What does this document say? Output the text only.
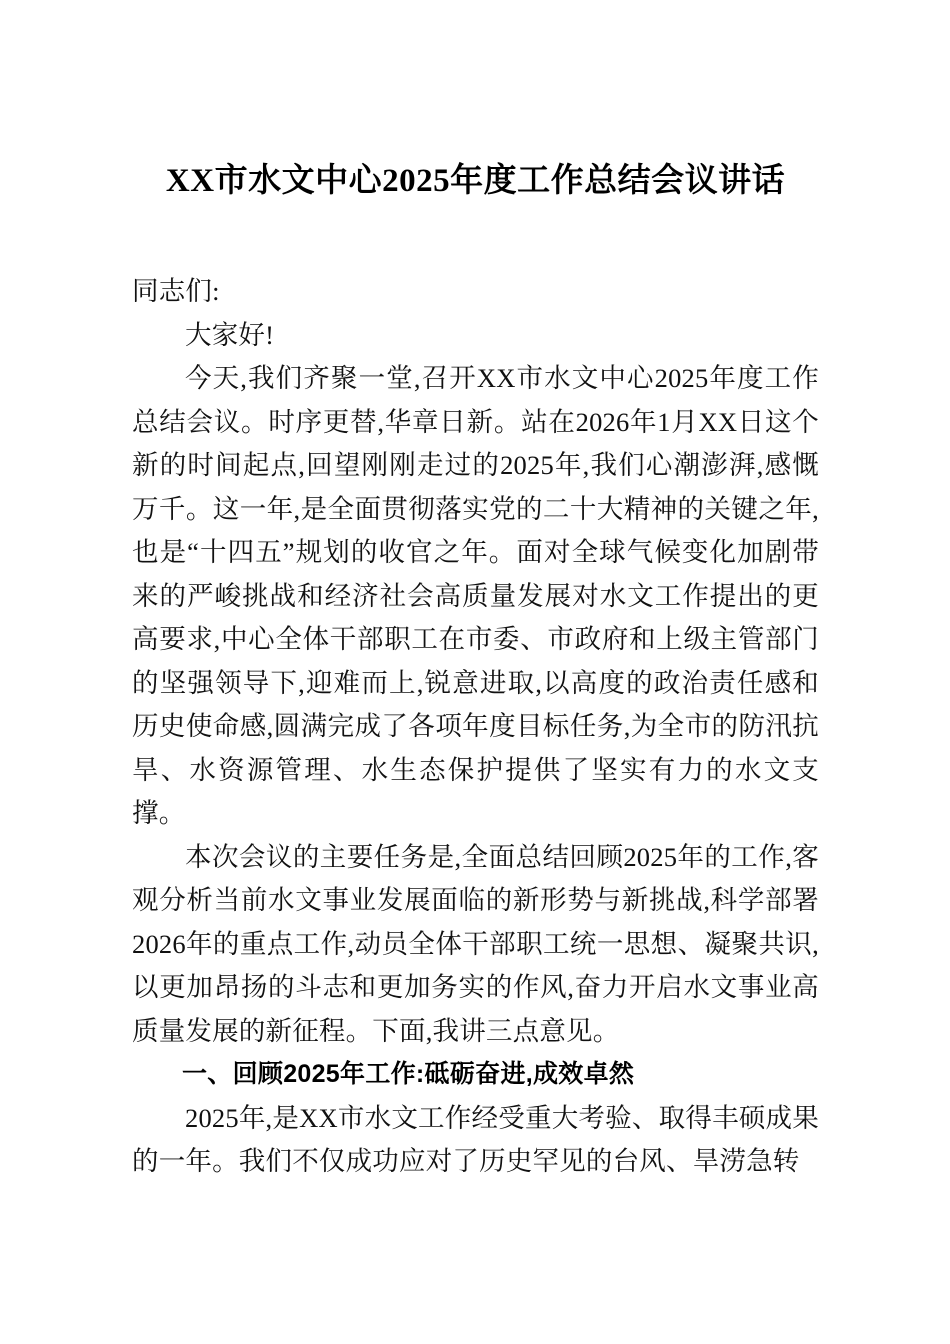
XX市水文中心2025年度工作总结会议讲话

同志们:

大家好!

今天,我们齐聚一堂,召开XX市水文中心2025年度工作总结会议。时序更替,华章日新。站在2026年1月XX日这个新的时间起点,回望刚刚走过的2025年,我们心潮澎湃,感慨万千。这一年,是全面贯彻落实党的二十大精神的关键之年,也是“十四五”规划的收官之年。面对全球气候变化加剧带来的严峻挑战和经济社会高质量发展对水文工作提出的更高要求,中心全体干部职工在市委、市政府和上级主管部门的坚强领导下,迎难而上,锐意进取,以高度的政治责任感和历史使命感,圆满完成了各项年度目标任务,为全市的防汛抗旱、水资源管理、水生态保护提供了坚实有力的水文支撑。

本次会议的主要任务是,全面总结回顾2025年的工作,客观分析当前水文事业发展面临的新形势与新挑战,科学部署2026年的重点工作,动员全体干部职工统一思想、凝聚共识,以更加昂扬的斗志和更加务实的作风,奋力开启水文事业高质量发展的新征程。下面,我讲三点意见。

一、回顾2025年工作:砥砺奋进,成效卓然

2025年,是XX市水文工作经受重大考验、取得丰硕成果的一年。我们不仅成功应对了历史罕见的台风、旱涝急转
